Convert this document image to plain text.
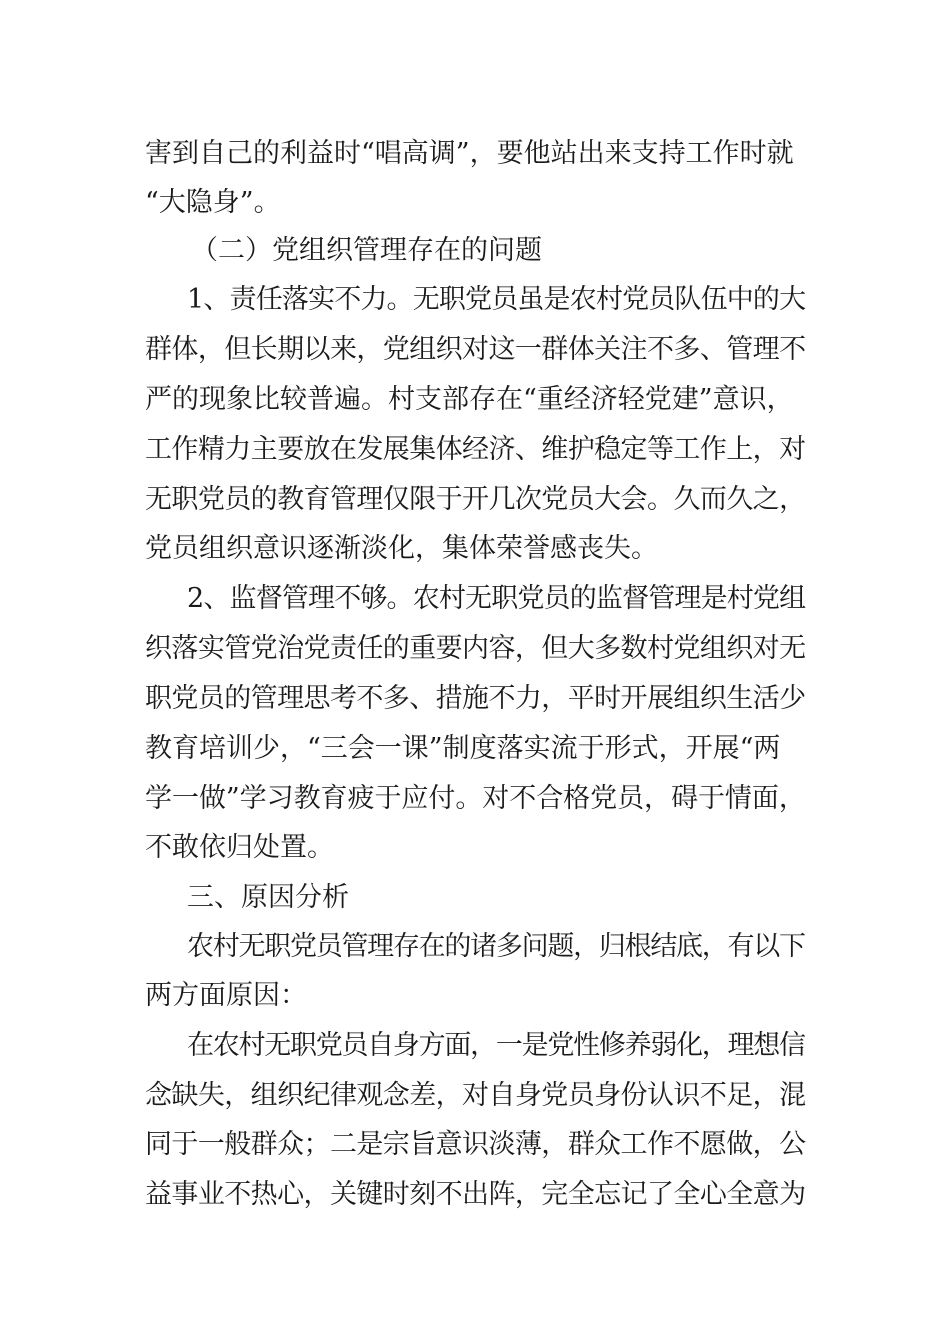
害到自己的利益时“唱高调”，要他站出来支持工作时就
“大隐身”。
（二）党组织管理存在的问题
1、责任落实不力。无职党员虽是农村党员队伍中的大
群体，但长期以来，党组织对这一群体关注不多、管理不
严的现象比较普遍。村支部存在“重经济轻党建”意识，
工作精力主要放在发展集体经济、维护稳定等工作上，对
无职党员的教育管理仅限于开几次党员大会。久而久之，
党员组织意识逐渐淡化，集体荣誉感丧失。
2、监督管理不够。农村无职党员的监督管理是村党组
织落实管党治党责任的重要内容，但大多数村党组织对无
职党员的管理思考不多、措施不力，平时开展组织生活少
教育培训少，“三会一课”制度落实流于形式，开展“两
学一做”学习教育疲于应付。对不合格党员，碍于情面，
不敢依归处置。
三、原因分析
农村无职党员管理存在的诸多问题，归根结底，有以下
两方面原因：
在农村无职党员自身方面，一是党性修养弱化，理想信
念缺失，组织纪律观念差，对自身党员身份认识不足，混
同于一般群众；二是宗旨意识淡薄，群众工作不愿做，公
益事业不热心，关键时刻不出阵，完全忘记了全心全意为
